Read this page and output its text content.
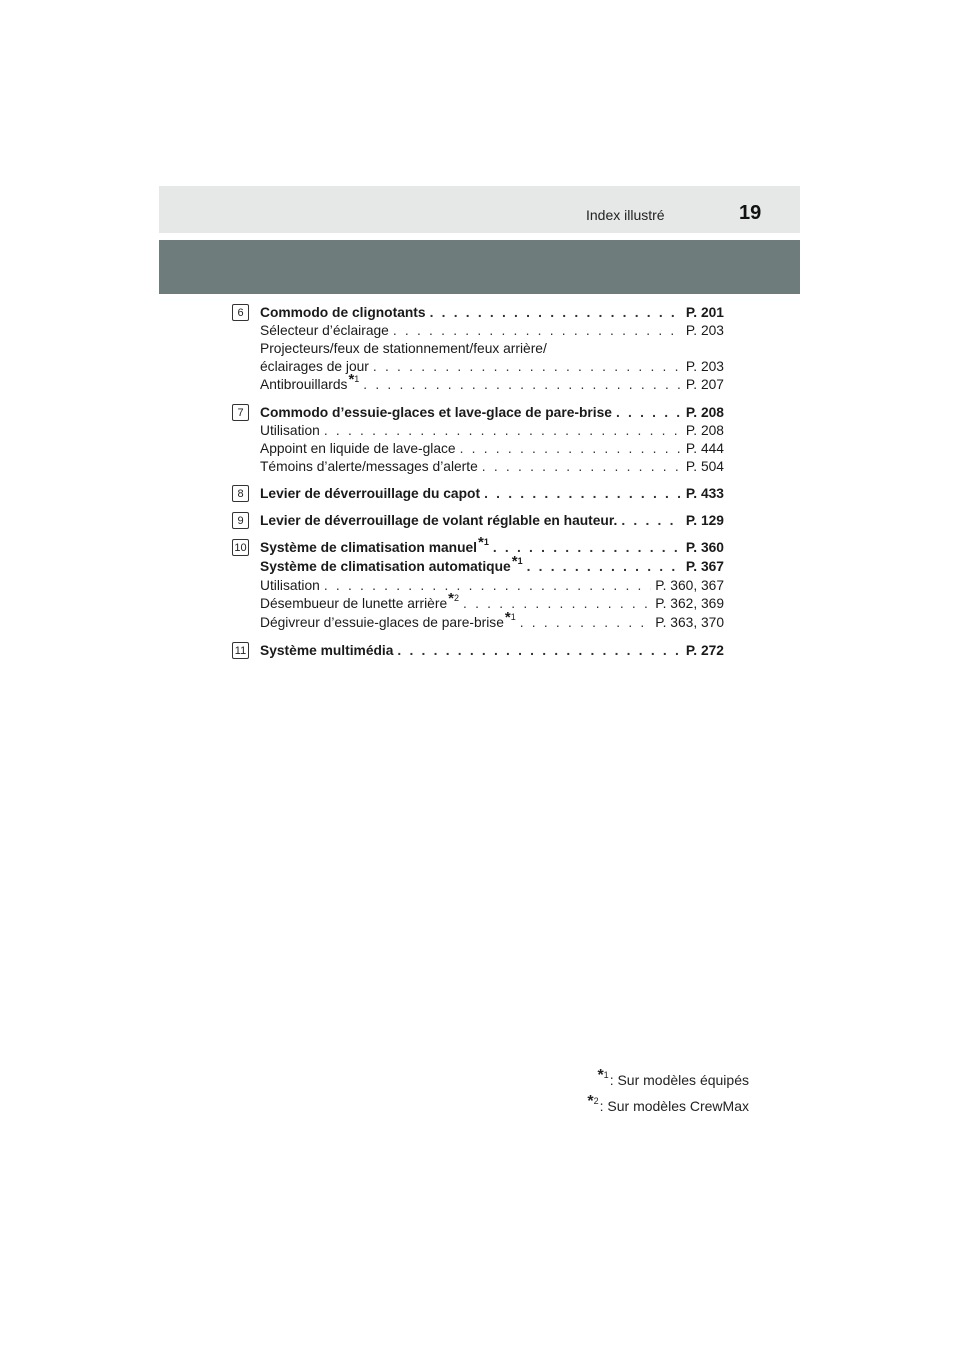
Index illustré	19
6	Commodo de clignotants . . .	P. 201
Sélecteur d’éclairage . . .	P. 203
Projecteurs/feux de stationnement/feux arrière/
éclairages de jour . . .	P. 203
Antibrouillards*$^1$ . . .	P. 207
7	Commodo d’essuie-glaces et lave-glace de pare-brise . . .	P. 208
Utilisation . . .	P. 208
Appoint en liquide de lave-glace . . .	P. 444
Témoins d’alerte/messages d’alerte . . .	P. 504
8	Levier de déverrouillage du capot . . .	P. 433
9	Levier de déverrouillage de volant réglable en hauteur. . . .	P. 129
10 Système de climatisation manuel*$^1$ . . .	P. 360
Système de climatisation automatique*$^1$ . . .	P. 367
Utilisation . . .	P. 360, 367
Désembueur de lunette arrière*$^2$ . . .	P. 362, 369
Dégivreur d’essuie-glaces de pare-brise*$^1$ . . .	P. 363, 370
11 Système multimédia . . .	P. 272
*$^1$: Sur modèles équipés
*$^2$: Sur modèles CrewMax
